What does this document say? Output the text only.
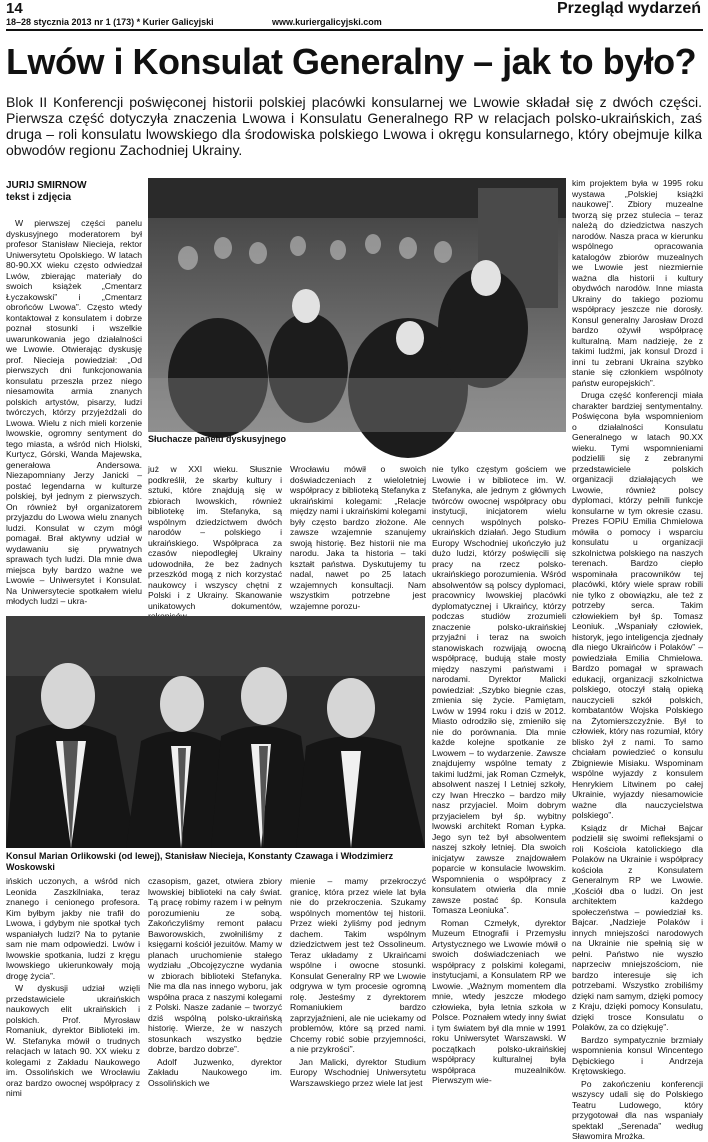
14
18–28 stycznia 2013 nr 1 (173) * Kurier Galicyjski	www.kuriergalicyjski.com
Przegląd wydarzeń
Lwów i Konsulat Generalny – jak to było?

Blok II Konferencji poświęconej historii polskiej placówki konsularnej we Lwowie składał się z dwóch części. Pierwsza część dotyczyła znaczenia Lwowa i Konsulatu Generalnego RP w relacjach polsko-ukraińskich, zaś druga – roli konsulatu lwowskiego dla środowiska polskiego Lwowa i okręgu konsularnego, który obejmuje kilka obwodów regionu Zachodniej Ukrainy.

JURIJ SMIRNOW
tekst i zdjęcia

W pierwszej części panelu dyskusyjnego moderatorem był profesor Stanisław Niecieja, rektor Uniwersytetu Opolskiego. W latach 80-90.XX wieku często odwiedzał Lwów, zbierając materiały do swoich książek „Cmentarz Łyczakowski” i „Cmentarz obrońców Lwowa”. Często wtedy kontaktował z konsulatem i dobrze poznał stosunki i wszelkie uwarunkowania jego działalności we Lwowie. Otwierając dyskusję prof. Niecieja powiedział: „Od pierwszych dni funkcjonowania konsulatu przeszła przez niego niesamowita armia znanych polskich artystów, pisarzy, ludzi twórczych, którzy przyjeżdżali do Lwowa. Wielu z nich mieli korzenie lwowskie, ogromny sentyment do tego miasta, a wśród nich Hiolski, Kurtycz, Górski, Wanda Majewska, generałowa Andersowa. Niezapomniany Jerzy Janicki – postać legendarna w kulturze polskiej, był jednym z pierwszych. On również był organizatorem przyjazdu do Lwowa wielu znanych ludzi. Konsulat w czym mógł pomagał. Brał aktywny udział w wydawaniu się prywatnych sprawach tych ludzi. Dla mnie dwa miejsca były bardzo ważne we Lwowie – Uniwersytet i Konsulat. Na Uniwersytecie spotkałem wielu młodych ludzi – ukra-

Słuchacze panelu dyskusyjnego

już w XXI wieku. Słusznie podkreślił, że skarby kultury i sztuki, które znajdują się w zbiorach lwowskich, również bibliotekę im. Stefanyka, są wspólnym dziedzictwem dwóch narodów – polskiego i ukraińskiego. Współpraca za czasów niepodległej Ukrainy udowodniła, że bez żadnych przeszkód mogą z nich korzystać naukowcy i wszyscy chętni z Polski i z Ukrainy. Skanowanie unikatowych dokumentów,

Wrocławiu mówił o swoich doświadczeniach z wieloletniej współpracy z biblioteką Stefanyka z ukraińskimi kolegami: „Relacje między nami i ukraińskimi kolegami były często bardzo złożone. Ale zawsze wzajemnie szanujemy swoją historię. Bez historii nie ma narodu. Jaka ta historia – taki kształt państwa. Dyskutujemy tu nadal, nawet po 25 latach wzajemnych konsultacji. Nam wszystkim potrzebne jest wzajemne porozu-

nie tylko częstym gościem we Lwowie i w bibliotece im. W. Stefanyka, ale jednym z głównych twórców owocnej współpracy obu instytucji, inicjatorem wielu cennych wspólnych polsko-ukraińskich działań. Jego Studium Europy Wschodniej ukończyło już dużo ludzi, którzy poświęcili się pracy na rzecz polsko-ukraińskiego porozumienia. Wśród absolwentów są polscy dyplomaci, pracownicy lwowskiej placówki dyplomatycznej i Ukraińcy, którzy podczas studiów zrozumieli znaczenie polsko-ukraińskiej przyjaźni i teraz na swoich stanowiskach rozwijają owocną współpracę, budują stałe mosty między naszymi państwami i narodami. Dyrektor Malicki powiedział: „Szybko biegnie czas, zmienia się życie. Pamiętam, Lwów w 1994 roku i dziś w 2012. Miasto odrodziło się, zmieniło się nie do porównania. Dla mnie każde kolejne spotkanie ze Lwowem – to wydarzenie. Zawsze znajdujemy wspólne tematy z takimi ludźmi, jak Roman Czmełyk, absolwent naszej I Letniej szkoły, czy Iwan Hreczko – bardzo miły nasz przyjaciel. Moim dobrym przyjacielem był śp. wybitny lwowski architekt Roman Łypka. Jego syn też był absolwentem naszej szkoły letniej. Dla swoich inicjatyw zawsze znajdowałem poparcie w konsulacie lwowskim. Wspomnienia o współpracy z konsulatem otwierła dla mnie zawsze postać śp. Konsula Tomasza Leoniuka”.

Roman Czmełyk, dyrektor Muzeum Etnografii i Przemysłu Artystycznego we Lwowie mówił o swoich doświadczeniach we współpracy z polskimi kolegami, instytucjami, a Konsulatem RP we Lwowie. „Ważnym momentem dla mnie, wtedy jeszcze młodego człowieka, była letnia szkoła w Polsce. Poznałem wtedy inny świat i tym światem był dla mnie w 1991 roku Uniwersytet Warszawski. W początkach polsko-ukraińskiej współpracy kulturalnej była współpraca muzealników. Pierwszym wie-

kim projektem była w 1995 roku wystawa „Polskiej książki naukowej”. Zbiory muzealne tworzą się przez stulecia – teraz należą do dziedzictwa naszych narodów. Nasza praca w kierunku wspólnego opracowania katalogów zbiorów muzealnych we Lwowie jest niezmiernie ważna dla historii i kultury obydwóch narodów. Inne miasta Ukrainy do takiego poziomu współpracy jeszcze nie dorosły. Konsul generalny Jarosław Drozd bardzo ożywił współpracę kulturalną. Mam nadzieję, że z takimi ludźmi, jak konsul Drozd i inni tu zebrani Ukraina szybko stanie się członkiem wspólnoty państw europejskich”.

Druga część konferencji miała charakter bardziej sentymentalny. Poświęcona była wspomnieniom o działalności Konsulatu Generalnego w latach 90.XX wieku. Tymi wspomnieniami podzielili się z zebranymi przedstawiciele polskich organizacji działających we Lwowie, również polscy dyplomaci, którzy pełnili funkcje konsularne w tym okresie czasu. Prezes FOPiU Emilia Chmielowa mówiła o pomocy i wsparciu konsulatu u organizacji szkolnictwa polskiego na naszych terenach. Bardzo ciepło wspominała pracowników tej placówki, który wiele spraw robili nie tylko z obowiązku, ale też z potrzeby serca. Takim człowiekiem był śp. Tomasz Leoniuk. „Wspaniały człowiek, historyk, jego inteligencja zjednały dla niego Ukraińców i Polaków” – powiedziała Emilia Chmielowa. Bardzo pomagał w sprawach edukacji, organizacji szkolnictwa polskiego, otoczył stałą opieką nauczycieli szkół polskich, kombatantów Wojska Polskiego na Żytomierszczyźnie. Był to człowiek, który nas rozumiał, który blisko żył z nami. To samo chciałam powiedzieć o konsulu Zbigniewie Misiaku. Wspominam wspólne wyjazdy z konsulem Henrykiem Litwinem po całej Ukrainie, wyjazdy niesamowicie ważne dla nauczycielstwa polskiego”.

Ksiądz dr Michał Bajcar podzielił się swoimi refleksjami o roli Kościoła katolickiego dla Polaków na Ukrainie i współpracy kościoła z Konsulatem Generalnym RP we Lwowie. „Kościół dba o ludzi. On jest architektem każdego społeczeństwa – powiedział ks. Bajcar. „Nadzieje Polaków i innych mniejszości narodowych na Ukrainie nie spełnią się w pełni. Państwo nie wyszło naprzeciw mniejszościom, nie bardzo interesuje się ich potrzebami. Wszystko zrobiliśmy dzięki nam samym, dzięki pomocy z Kraju, dzięki pomocy Konsulatu, dzięki trosce Konsulatu o Polaków, za co dziękuję”.

Bardzo sympatycznie brzmiały wspomnienia konsul Wincentego Dębickiego i Andrzeja Krętowskiego.

Po zakończeniu konferencji wszyscy udali się do Polskiego Teatru Ludowego, który przygotował dla nas wspaniały spektakl „Serenada” według Sławomira Mrożka.

Konsul Marian Orlikowski (od lewej), Stanisław Niecieja, Konstanty Czawaga i Włodzimierz Woskowski

ińskich uczonych, a wśród nich Leonida Zaszkilniaka, teraz znanego i cenionego profesora. Kim byłbym jakby nie trafił do Lwowa, i gdybym nie spotkał tych wspaniałych ludzi? Na to pytanie sam nie mam odpowiedzi. Lwów i lwowskie spotkania, ludzi z kręgu lwowskiego ukierunkowały moją drogę życia”.

W dyskusji udział wzięli przedstawiciele ukraińskich naukowych elit ukraińskich i polskich. Prof. Myrosław Romaniuk, dyrektor Biblioteki im. W. Stefanyka mówił o trudnych relacjach w latach 90. XX wieku z kolegami z Zakładu Naukowego im. Ossolińskich we Wrocławiu oraz bardzo owocnej współpracy z nimi

czasopism, gazet, otwiera zbiory lwowskiej biblioteki na cały świat. Tą pracę robimy razem i w pełnym porozumieniu ze sobą. Zakończyliśmy remont pałacu Baworowskich, zwołniliśmy z księgarni kościół jezuitów. Mamy w planach uruchomienie stałego wydziału „Obcojęzyczne wydania w zbiorach biblioteki Stefanyka. Nie ma dla nas innego wyboru, jak współna praca z naszymi kolegami z Polski. Nasze zadanie – tworzyć dziś wspólną polsko-ukraińską historię. Wierze, że w naszych stosunkach wszystko będzie dobrze, bardzo dobrze”.

Adolf Juzwenko, dyrektor Zakładu Naukowego im. Ossolińskich we

mienie – mamy przekroczyć granicę, która przez wiele lat była nie do przekroczenia. Szukamy wspólnych momentów tej historii. Przez wieki żyliśmy pod jednym dachem. Takim wspólnym dziedzictwem jest też Ossolineum. Teraz układamy z Ukraińcami wspólne i owocne stosunki. Konsulat Generalny RP we Lwowie odgrywa w tym procesie ogromną rolę. Jesteśmy z dyrektorem Romaniukiem bardzo zaprzyjaźnieni, ale nie uciekamy od problemów, które są przed nami. Chcemy robić sobie przyjemności, a nie przykrości”.

Jan Malicki, dyrektor Studium Europy Wschodniej Uniwersytetu Warszawskiego przez wiele lat jest
